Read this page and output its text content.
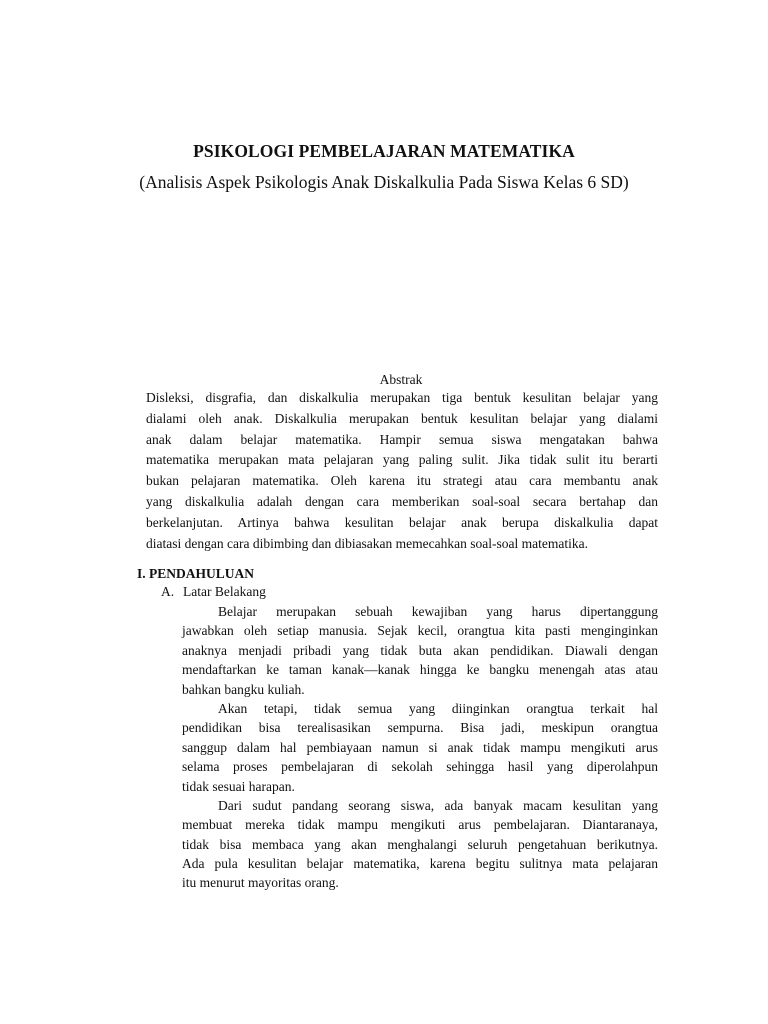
PSIKOLOGI PEMBELAJARAN MATEMATIKA
(Analisis Aspek Psikologis Anak Diskalkulia Pada Siswa Kelas 6 SD)
Abstrak
Disleksi, disgrafia, dan diskalkulia merupakan tiga bentuk kesulitan belajar yang
dialami oleh anak. Diskalkulia merupakan bentuk kesulitan belajar yang dialami
anak dalam belajar matematika. Hampir semua siswa mengatakan bahwa
matematika merupakan mata pelajaran yang paling sulit. Jika tidak sulit itu berarti
bukan pelajaran matematika. Oleh karena itu strategi atau cara membantu anak
yang diskalkulia adalah dengan cara memberikan soal-soal secara bertahap dan
berkelanjutan. Artinya bahwa kesulitan belajar anak berupa diskalkulia dapat
diatasi dengan cara dibimbing dan dibiasakan memecahkan soal-soal matematika.
I. PENDAHULUAN
A. Latar Belakang
Belajar merupakan sebuah kewajiban yang harus dipertanggung
jawabkan oleh setiap manusia. Sejak kecil, orangtua kita pasti menginginkan
anaknya menjadi pribadi yang tidak buta akan pendidikan. Diawali dengan
mendaftarkan ke taman kanak—kanak hingga ke bangku menengah atas atau
bahkan bangku kuliah.
Akan tetapi, tidak semua yang diinginkan orangtua terkait hal
pendidikan bisa terealisasikan sempurna. Bisa jadi, meskipun orangtua
sanggup dalam hal pembiayaan namun si anak tidak mampu mengikuti arus
selama proses pembelajaran di sekolah sehingga hasil yang diperolahpun
tidak sesuai harapan.
Dari sudut pandang seorang siswa, ada banyak macam kesulitan yang
membuat mereka tidak mampu mengikuti arus pembelajaran. Diantaranaya,
tidak bisa membaca yang akan menghalangi seluruh pengetahuan berikutnya.
Ada pula kesulitan belajar matematika, karena begitu sulitnya mata pelajaran
itu menurut mayoritas orang.
